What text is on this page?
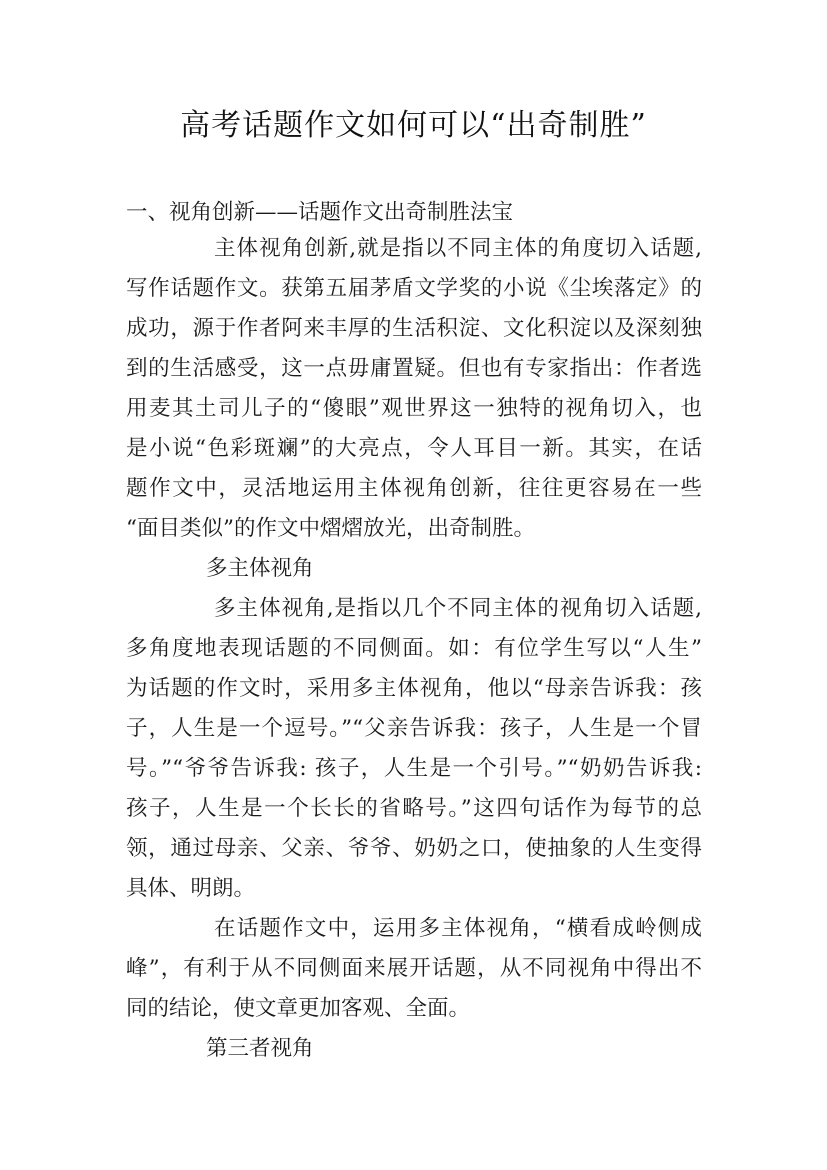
高考话题作文如何可以“出奇制胜”
一、视角创新——话题作文出奇制胜法宝
主体视角创新,就是指以不同主体的角度切入话题,
写作话题作文。获第五届茅盾文学奖的小说《尘埃落定》的
成功，源于作者阿来丰厚的生活积淀、文化积淀以及深刻独
到的生活感受，这一点毋庸置疑。但也有专家指出：作者选
用麦其土司儿子的“傻眼”观世界这一独特的视角切入，也
是小说“色彩斑斓”的大亮点，令人耳目一新。其实，在话
题作文中，灵活地运用主体视角创新，往往更容易在一些
“面目类似”的作文中熠熠放光，出奇制胜。
多主体视角
多主体视角,是指以几个不同主体的视角切入话题,
多角度地表现话题的不同侧面。如：有位学生写以“人生”
为话题的作文时，采用多主体视角，他以“母亲告诉我：孩
子，人生是一个逗号。”“父亲告诉我：孩子，人生是一个冒
号。”“爷爷告诉我: 孩子，人生是一个引号。”“奶奶告诉我:
孩子，人生是一个长长的省略号。”这四句话作为每节的总
领，通过母亲、父亲、爷爷、奶奶之口，使抽象的人生变得
具体、明朗。
在话题作文中，运用多主体视角，“横看成岭侧成
峰”，有利于从不同侧面来展开话题，从不同视角中得出不
同的结论，使文章更加客观、全面。
第三者视角
